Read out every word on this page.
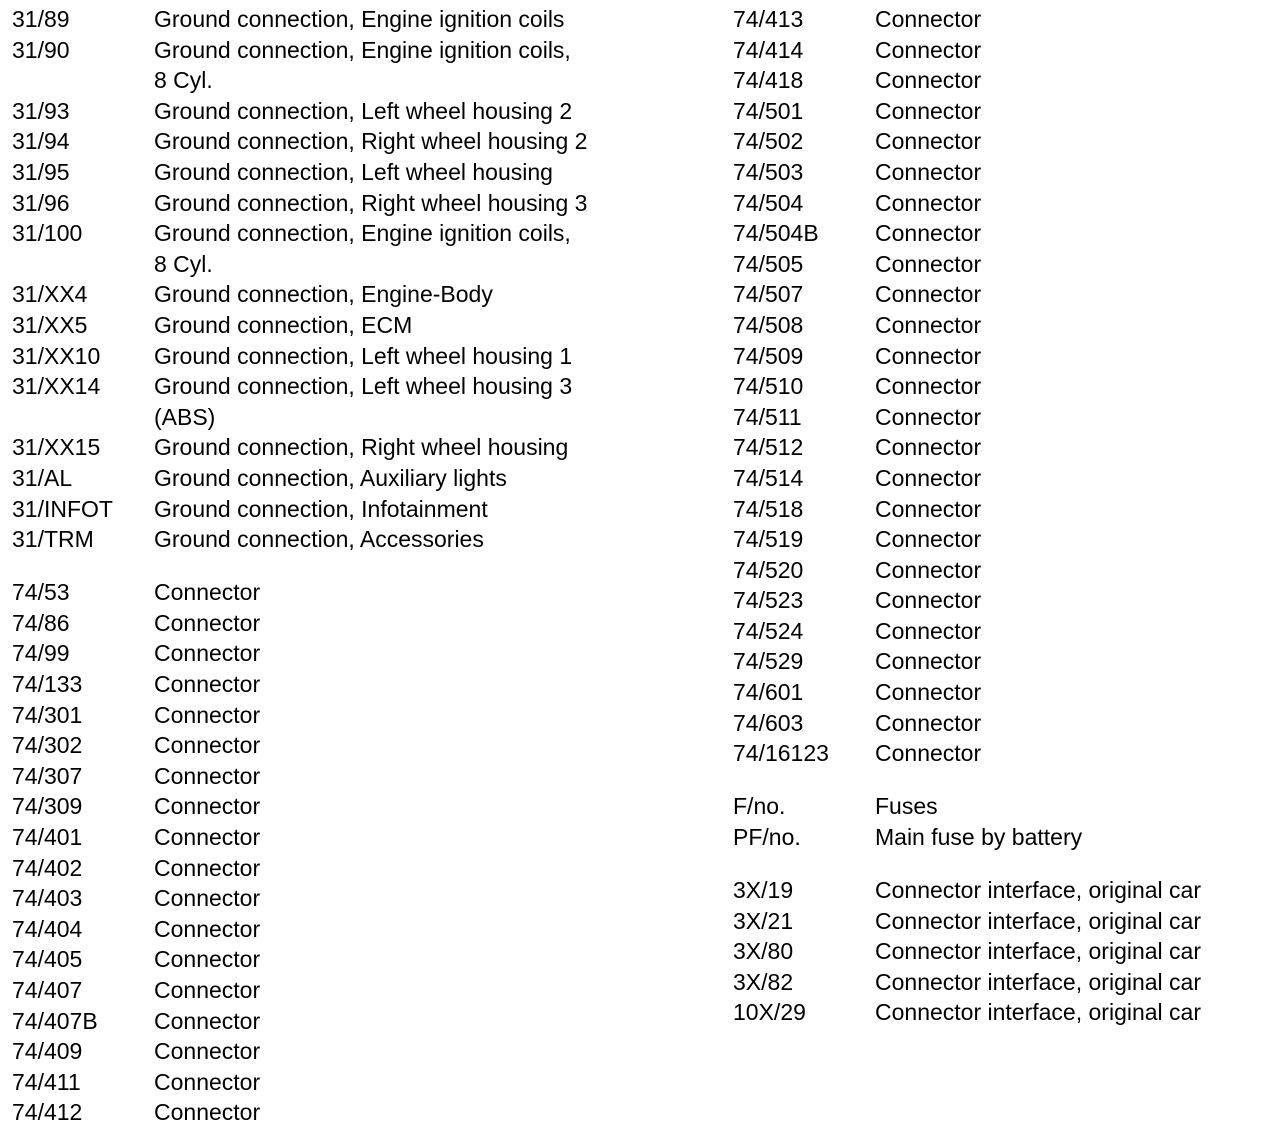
31/89	Ground connection, Engine ignition coils
31/90	Ground connection, Engine ignition coils,
8 Cyl.
31/93	Ground connection, Left wheel housing 2
31/94	Ground connection, Right wheel housing 2
31/95	Ground connection, Left wheel housing
31/96	Ground connection, Right wheel housing 3
31/100	Ground connection, Engine ignition coils,
8 Cyl.
31/XX4	Ground connection, Engine-Body
31/XX5	Ground connection, ECM
31/XX10	Ground connection, Left wheel housing 1
31/XX14	Ground connection, Left wheel housing 3
(ABS)
31/XX15	Ground connection, Right wheel housing
31/AL	Ground connection, Auxiliary lights
31/INFOT	Ground connection, Infotainment
31/TRM	Ground connection, Accessories
74/53	Connector
74/86	Connector
74/99	Connector
74/133	Connector
74/301	Connector
74/302	Connector
74/307	Connector
74/309	Connector
74/401	Connector
74/402	Connector
74/403	Connector
74/404	Connector
74/405	Connector
74/407	Connector
74/407B	Connector
74/409	Connector
74/411	Connector
74/412	Connector
74/413	Connector
74/414	Connector
74/418	Connector
74/501	Connector
74/502	Connector
74/503	Connector
74/504	Connector
74/504B	Connector
74/505	Connector
74/507	Connector
74/508	Connector
74/509	Connector
74/510	Connector
74/511	Connector
74/512	Connector
74/514	Connector
74/518	Connector
74/519	Connector
74/520	Connector
74/523	Connector
74/524	Connector
74/529	Connector
74/601	Connector
74/603	Connector
74/16123	Connector
F/no.	Fuses
PF/no.	Main fuse by battery
3X/19	Connector interface, original car
3X/21	Connector interface, original car
3X/80	Connector interface, original car
3X/82	Connector interface, original car
10X/29	Connector interface, original car
